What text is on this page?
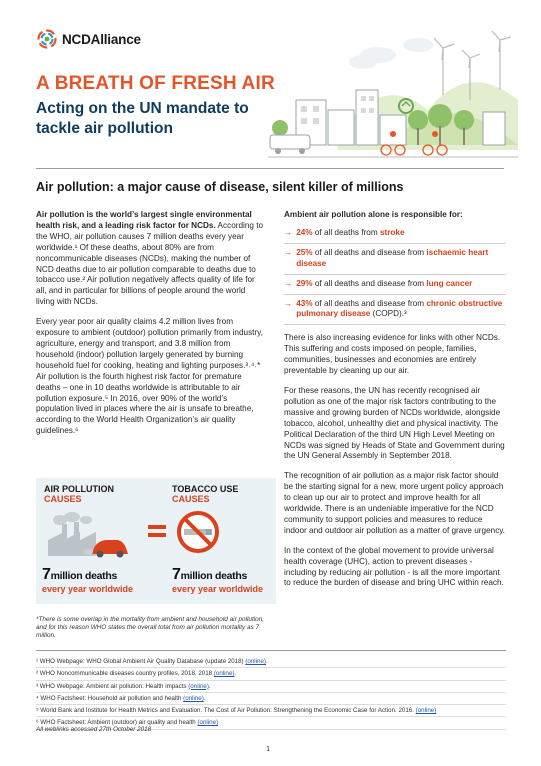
NCDAlliance
A BREATH OF FRESH AIR
Acting on the UN mandate to tackle air pollution
Air pollution: a major cause of disease, silent killer of millions

Air pollution is the world’s largest single environmental health risk, and a leading risk factor for NCDs. According to the WHO, air pollution causes 7 million deaths every year worldwide.¹ Of these deaths, about 80% are from noncommunicable diseases (NCDs), making the number of NCD deaths due to air pollution comparable to deaths due to tobacco use.² Air pollution negatively affects quality of life for all, and in particular for billions of people around the world living with NCDs.

Every year poor air quality claims 4.2 million lives from exposure to ambient (outdoor) pollution primarily from industry, agriculture, energy and transport, and 3.8 million from household (indoor) pollution largely generated by burning household fuel for cooking, heating and lighting purposes.³˒⁴˒* Air pollution is the fourth highest risk factor for premature deaths – one in 10 deaths worldwide is attributable to air pollution exposure.⁵ In 2016, over 90% of the world’s population lived in places where the air is unsafe to breathe, according to the World Health Organization’s air quality guidelines.⁶

AIR POLLUTION
CAUSES
TOBACCO USE
CAUSES
7million deaths
every year worldwide
7million deaths
every year worldwide
*There is some overlap in the mortality from ambient and household air pollution, and for this reason WHO states the overall total from air pollution mortality as 7 million.
Ambient air pollution alone is responsible for:
→ 24% of all deaths from stroke
→ 25% of all deaths and disease from ischaemic heart disease
→ 29% of all deaths and disease from lung cancer
→ 43% of all deaths and disease from chronic obstructive pulmonary disease (COPD).³

There is also increasing evidence for links with other NCDs. This suffering and costs imposed on people, families, communities, businesses and economies are entirely preventable by cleaning up our air.

For these reasons, the UN has recently recognised air pollution as one of the major risk factors contributing to the massive and growing burden of NCDs worldwide, alongside tobacco, alcohol, unhealthy diet and physical inactivity. The Political Declaration of the third UN High Level Meeting on NCDs was signed by Heads of State and Government during the UN General Assembly in September 2018.

The recognition of air pollution as a major risk factor should be the starting signal for a new, more urgent policy approach to clean up our air to protect and improve health for all worldwide. There is an undeniable imperative for the NCD community to support policies and measures to reduce indoor and outdoor air pollution as a matter of grave urgency.

In the context of the global movement to provide universal health coverage (UHC), action to prevent diseases - including by reducing air pollution - is all the more important to reduce the burden of disease and bring UHC within reach.

¹ WHO Webpage: WHO Global Ambient Air Quality Database (update 2018) (online).
² WHO Noncommunicable diseases country profiles, 2018. 2018 (online).
³ WHO Webpage: Ambient air pollution: Health impacts (online).
⁴ WHO Factsheet: Household air pollution and health (online).
⁵ World Bank and Institute for Health Metrics and Evaluation. The Cost of Air Pollution: Strengthening the Economic Case for Action. 2016. (online)
⁶ WHO Factsheet: Ambient (outdoor) air quality and health (online)
All weblinks accessed 27th October 2018
1
